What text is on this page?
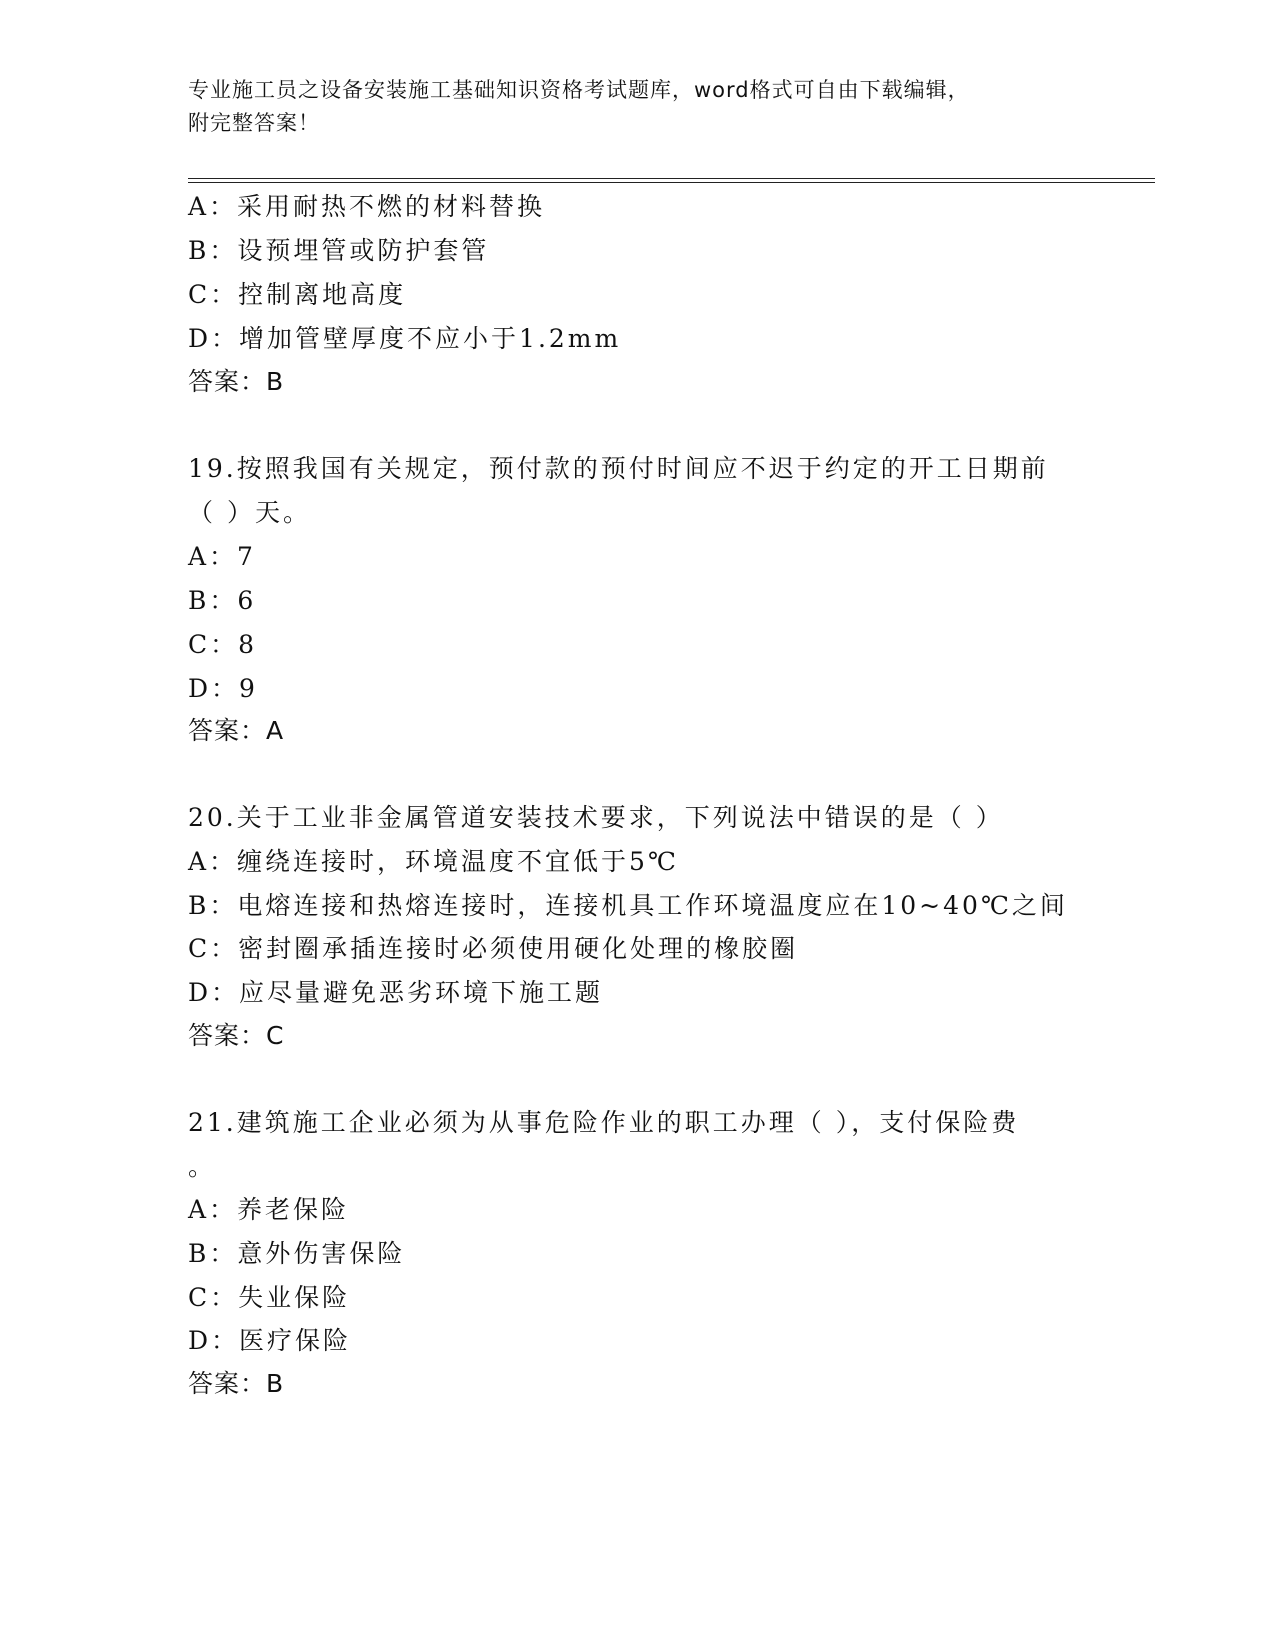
专业施工员之设备安装施工基础知识资格考试题库，word格式可自由下载编辑，
附完整答案！
A：采用耐热不燃的材料替换
B：设预埋管或防护套管
C：控制离地高度
D：增加管壁厚度不应小于1.2mm
答案：B
19.按照我国有关规定，预付款的预付时间应不迟于约定的开工日期前
（ ）天。
A：7
B：6
C：8
D：9
答案：A
20.关于工业非金属管道安装技术要求，下列说法中错误的是（ ）
A：缠绕连接时，环境温度不宜低于5℃
B：电熔连接和热熔连接时，连接机具工作环境温度应在10~40℃之间
C：密封圈承插连接时必须使用硬化处理的橡胶圈
D：应尽量避免恶劣环境下施工题
答案：C
21.建筑施工企业必须为从事危险作业的职工办理（ ），支付保险费
。
A：养老保险
B：意外伤害保险
C：失业保险
D：医疗保险
答案：B
